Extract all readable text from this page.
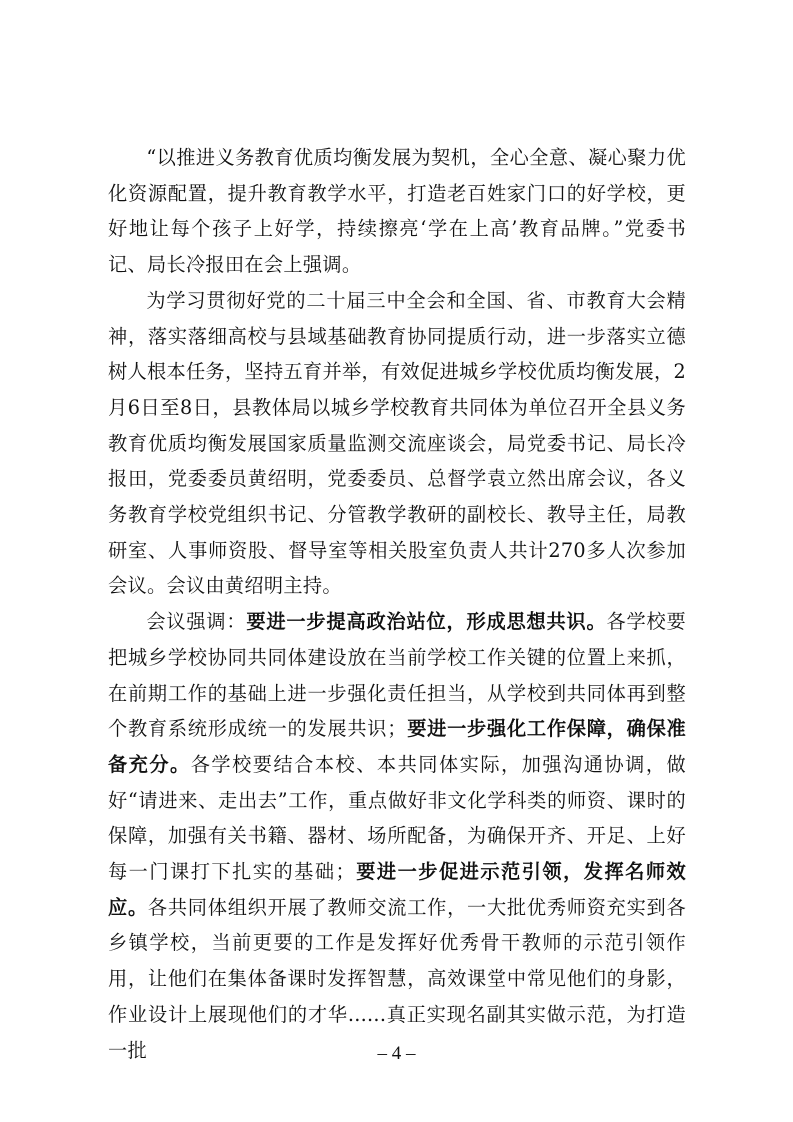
“以推进义务教育优质均衡发展为契机，全心全意、凝心聚力优化资源配置，提升教育教学水平，打造老百姓家门口的好学校，更好地让每个孩子上好学，持续擦亮‘学在上高’教育品牌。”党委书记、局长冷报田在会上强调。

为学习贯彻好党的二十届三中全会和全国、省、市教育大会精神，落实落细高校与县域基础教育协同提质行动，进一步落实立德树人根本任务，坚持五育并举，有效促进城乡学校优质均衡发展，2月6日至8日，县教体局以城乡学校教育共同体为单位召开全县义务教育优质均衡发展国家质量监测交流座谈会，局党委书记、局长冷报田，党委委员黄绍明，党委委员、总督学袁立然出席会议，各义务教育学校党组织书记、分管教学教研的副校长、教导主任，局教研室、人事师资股、督导室等相关股室负责人共计270多人次参加会议。会议由黄绍明主持。

会议强调：要进一步提高政治站位，形成思想共识。各学校要把城乡学校协同共同体建设放在当前学校工作关键的位置上来抓，在前期工作的基础上进一步强化责任担当，从学校到共同体再到整个教育系统形成统一的发展共识；要进一步强化工作保障，确保准备充分。各学校要结合本校、本共同体实际，加强沟通协调，做好“请进来、走出去”工作，重点做好非文化学科类的师资、课时的保障，加强有关书籍、器材、场所配备，为确保开齐、开足、上好每一门课打下扎实的基础；要进一步促进示范引领，发挥名师效应。各共同体组织开展了教师交流工作，一大批优秀师资充实到各乡镇学校，当前更要的工作是发挥好优秀骨干教师的示范引领作用，让他们在集体备课时发挥智慧，高效课堂中常见他们的身影，作业设计上展现他们的才华......真正实现名副其实做示范，为打造一批	– 4 –
